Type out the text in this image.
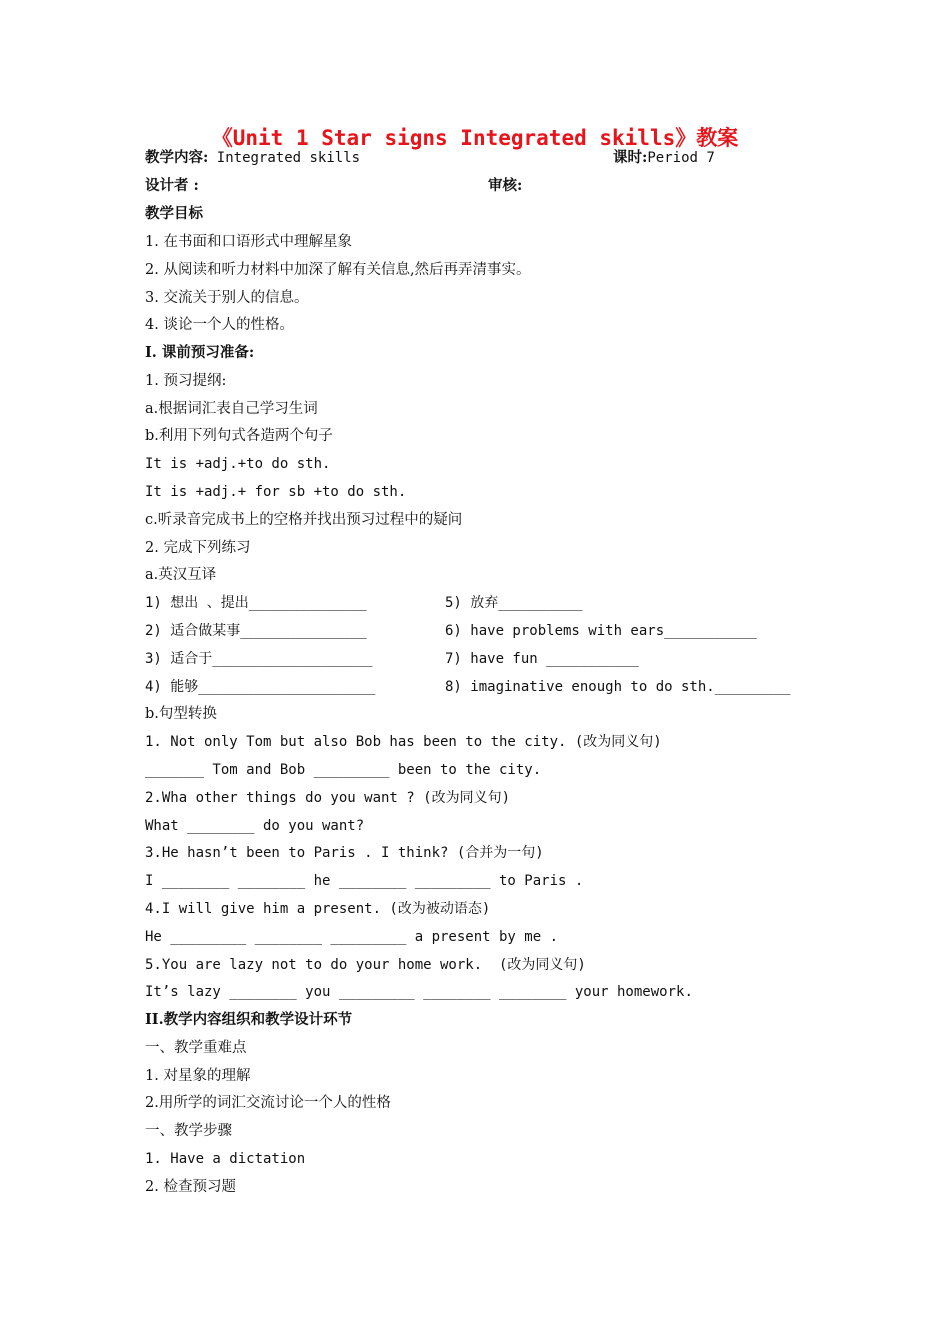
《Unit 1 Star signs Integrated skills》教案
教学内容: Integrated skills	课时:Period 7
设计者 :	审核:
教学目标
1. 在书面和口语形式中理解星象
2. 从阅读和听力材料中加深了解有关信息,然后再弄清事实。
3. 交流关于别人的信息。
4. 谈论一个人的性格。
I. 课前预习准备:
1. 预习提纲:
a.根据词汇表自己学习生词
b.利用下列句式各造两个句子
It is +adj.+to do sth.
It is +adj.+ for sb +to do sth.
c.听录音完成书上的空格并找出预习过程中的疑问
2. 完成下列练习
a.英汉互译
1) 想出 、提出______________
2) 适合做某事_______________
3) 适合于___________________
4) 能够_____________________
5) 放弃__________
6) have problems with ears___________
7) have fun ___________
8) imaginative enough to do sth._________
b.句型转换
1. Not only Tom but also Bob has been to the city. (改为同义句)
_______ Tom and Bob _________ been to the city.
2.Wha other things do you want ? (改为同义句)
What ________ do you want?
3.He hasn’t been to Paris . I think? (合并为一句)
I ________ ________ he ________ _________ to Paris .
4.I will give him a present. (改为被动语态)
He _________ ________ _________ a present by me .
5.You are lazy not to do your home work.  (改为同义句)
It’s lazy ________ you _________ ________ ________ your homework.
II.教学内容组织和教学设计环节
一、教学重难点
1. 对星象的理解
2.用所学的词汇交流讨论一个人的性格
一、教学步骤
1. Have a dictation
2. 检查预习题
